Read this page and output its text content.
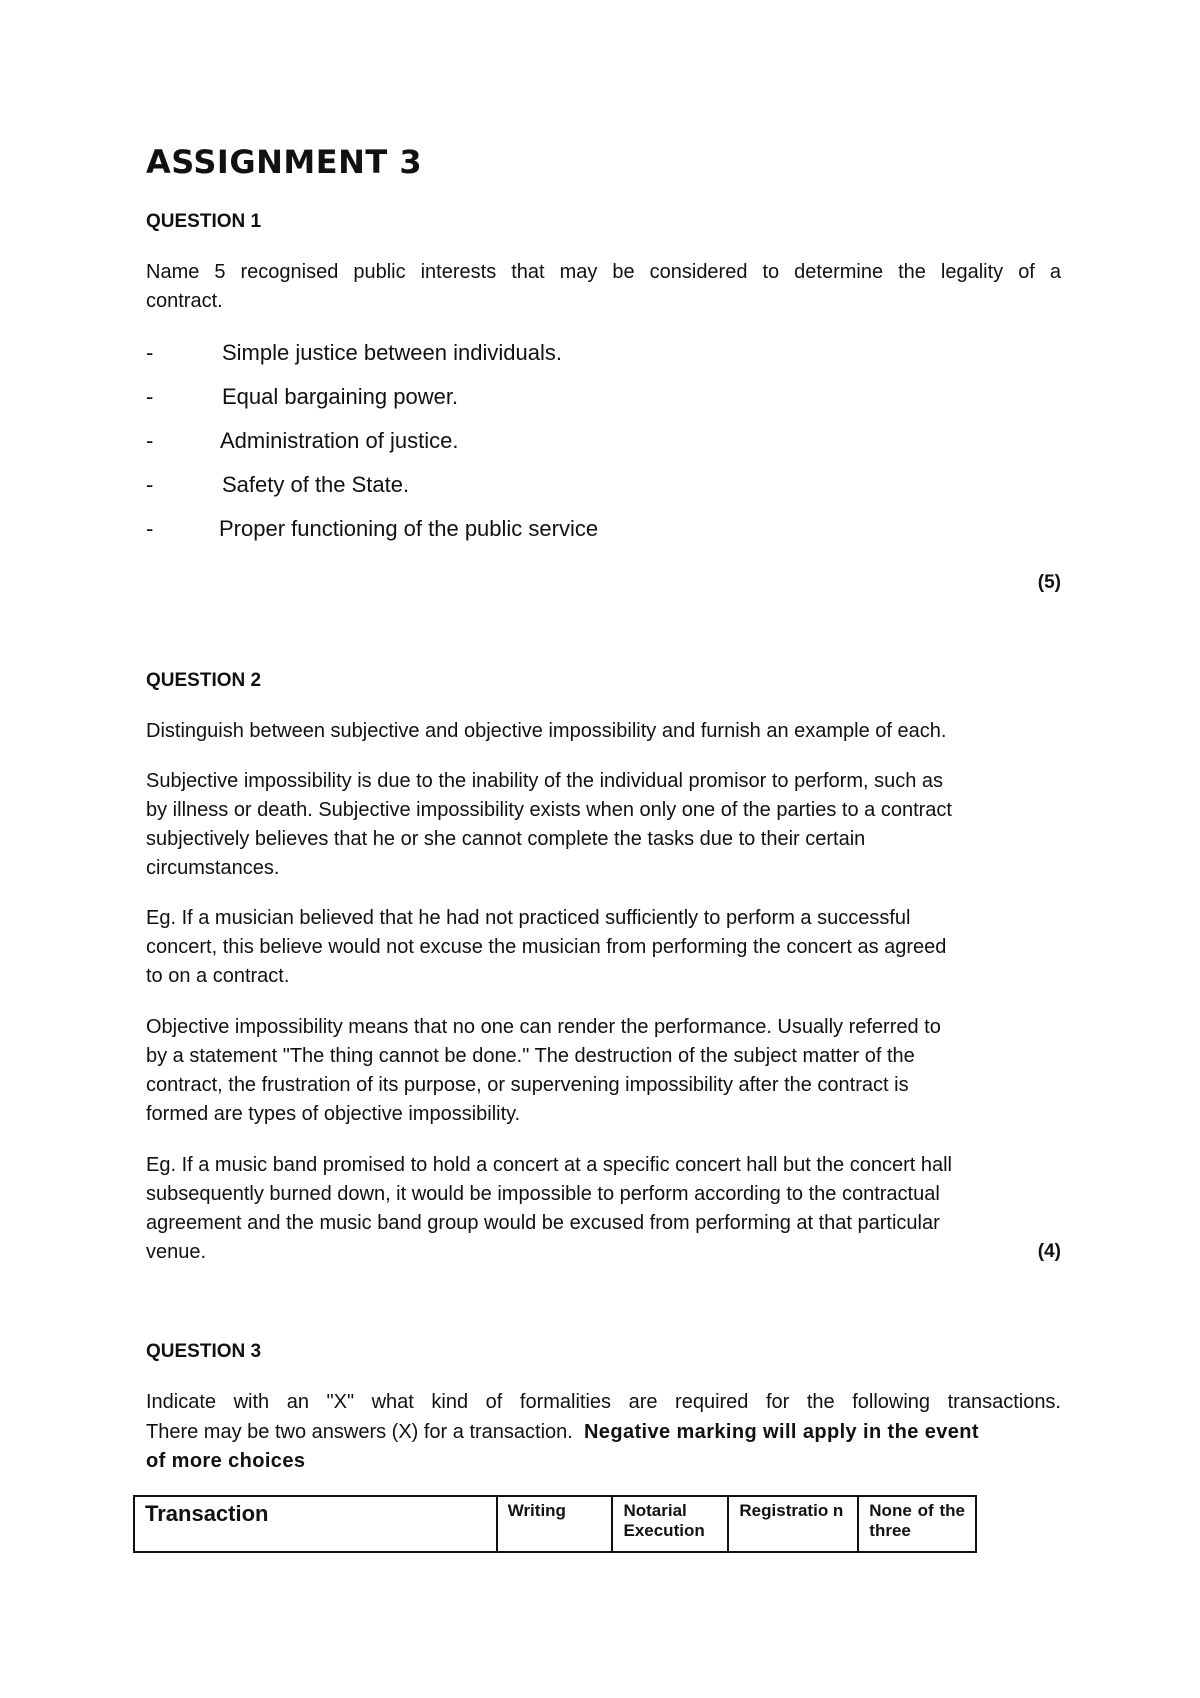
ASSIGNMENT 3
QUESTION 1
Name 5 recognised public interests that may be considered to determine the legality of a
contract.
-	Simple justice between individuals.
-	Equal bargaining power.
-	Administration of justice.
-	Safety of the State.
-	Proper functioning of the public service
(5)
QUESTION 2
Distinguish between subjective and objective impossibility and furnish an example of each.
Subjective impossibility is due to the inability of the individual promisor to perform, such as
by illness or death. Subjective impossibility exists when only one of the parties to a contract
subjectively believes that he or she cannot complete the tasks due to their certain
circumstances.
Eg. If a musician believed that he had not practiced sufficiently to perform a successful
concert, this believe would not excuse the musician from performing the concert as agreed
to on a contract.
Objective impossibility means that no one can render the performance. Usually referred to
by a statement "The thing cannot be done." The destruction of the subject matter of the
contract, the frustration of its purpose, or supervening impossibility after the contract is
formed are types of objective impossibility.
Eg. If a music band promised to hold a concert at a specific concert hall but the concert hall
subsequently burned down, it would be impossible to perform according to the contractual
agreement and the music band group would be excused from performing at that particular
venue.	(4)
QUESTION 3
Indicate with an "X" what kind of formalities are required for the following transactions.
There may be two answers (X) for a transaction. Negative marking will apply in the event
of more choices
Transaction	Writing	Notarial Execution	Registratio n	None of the three
